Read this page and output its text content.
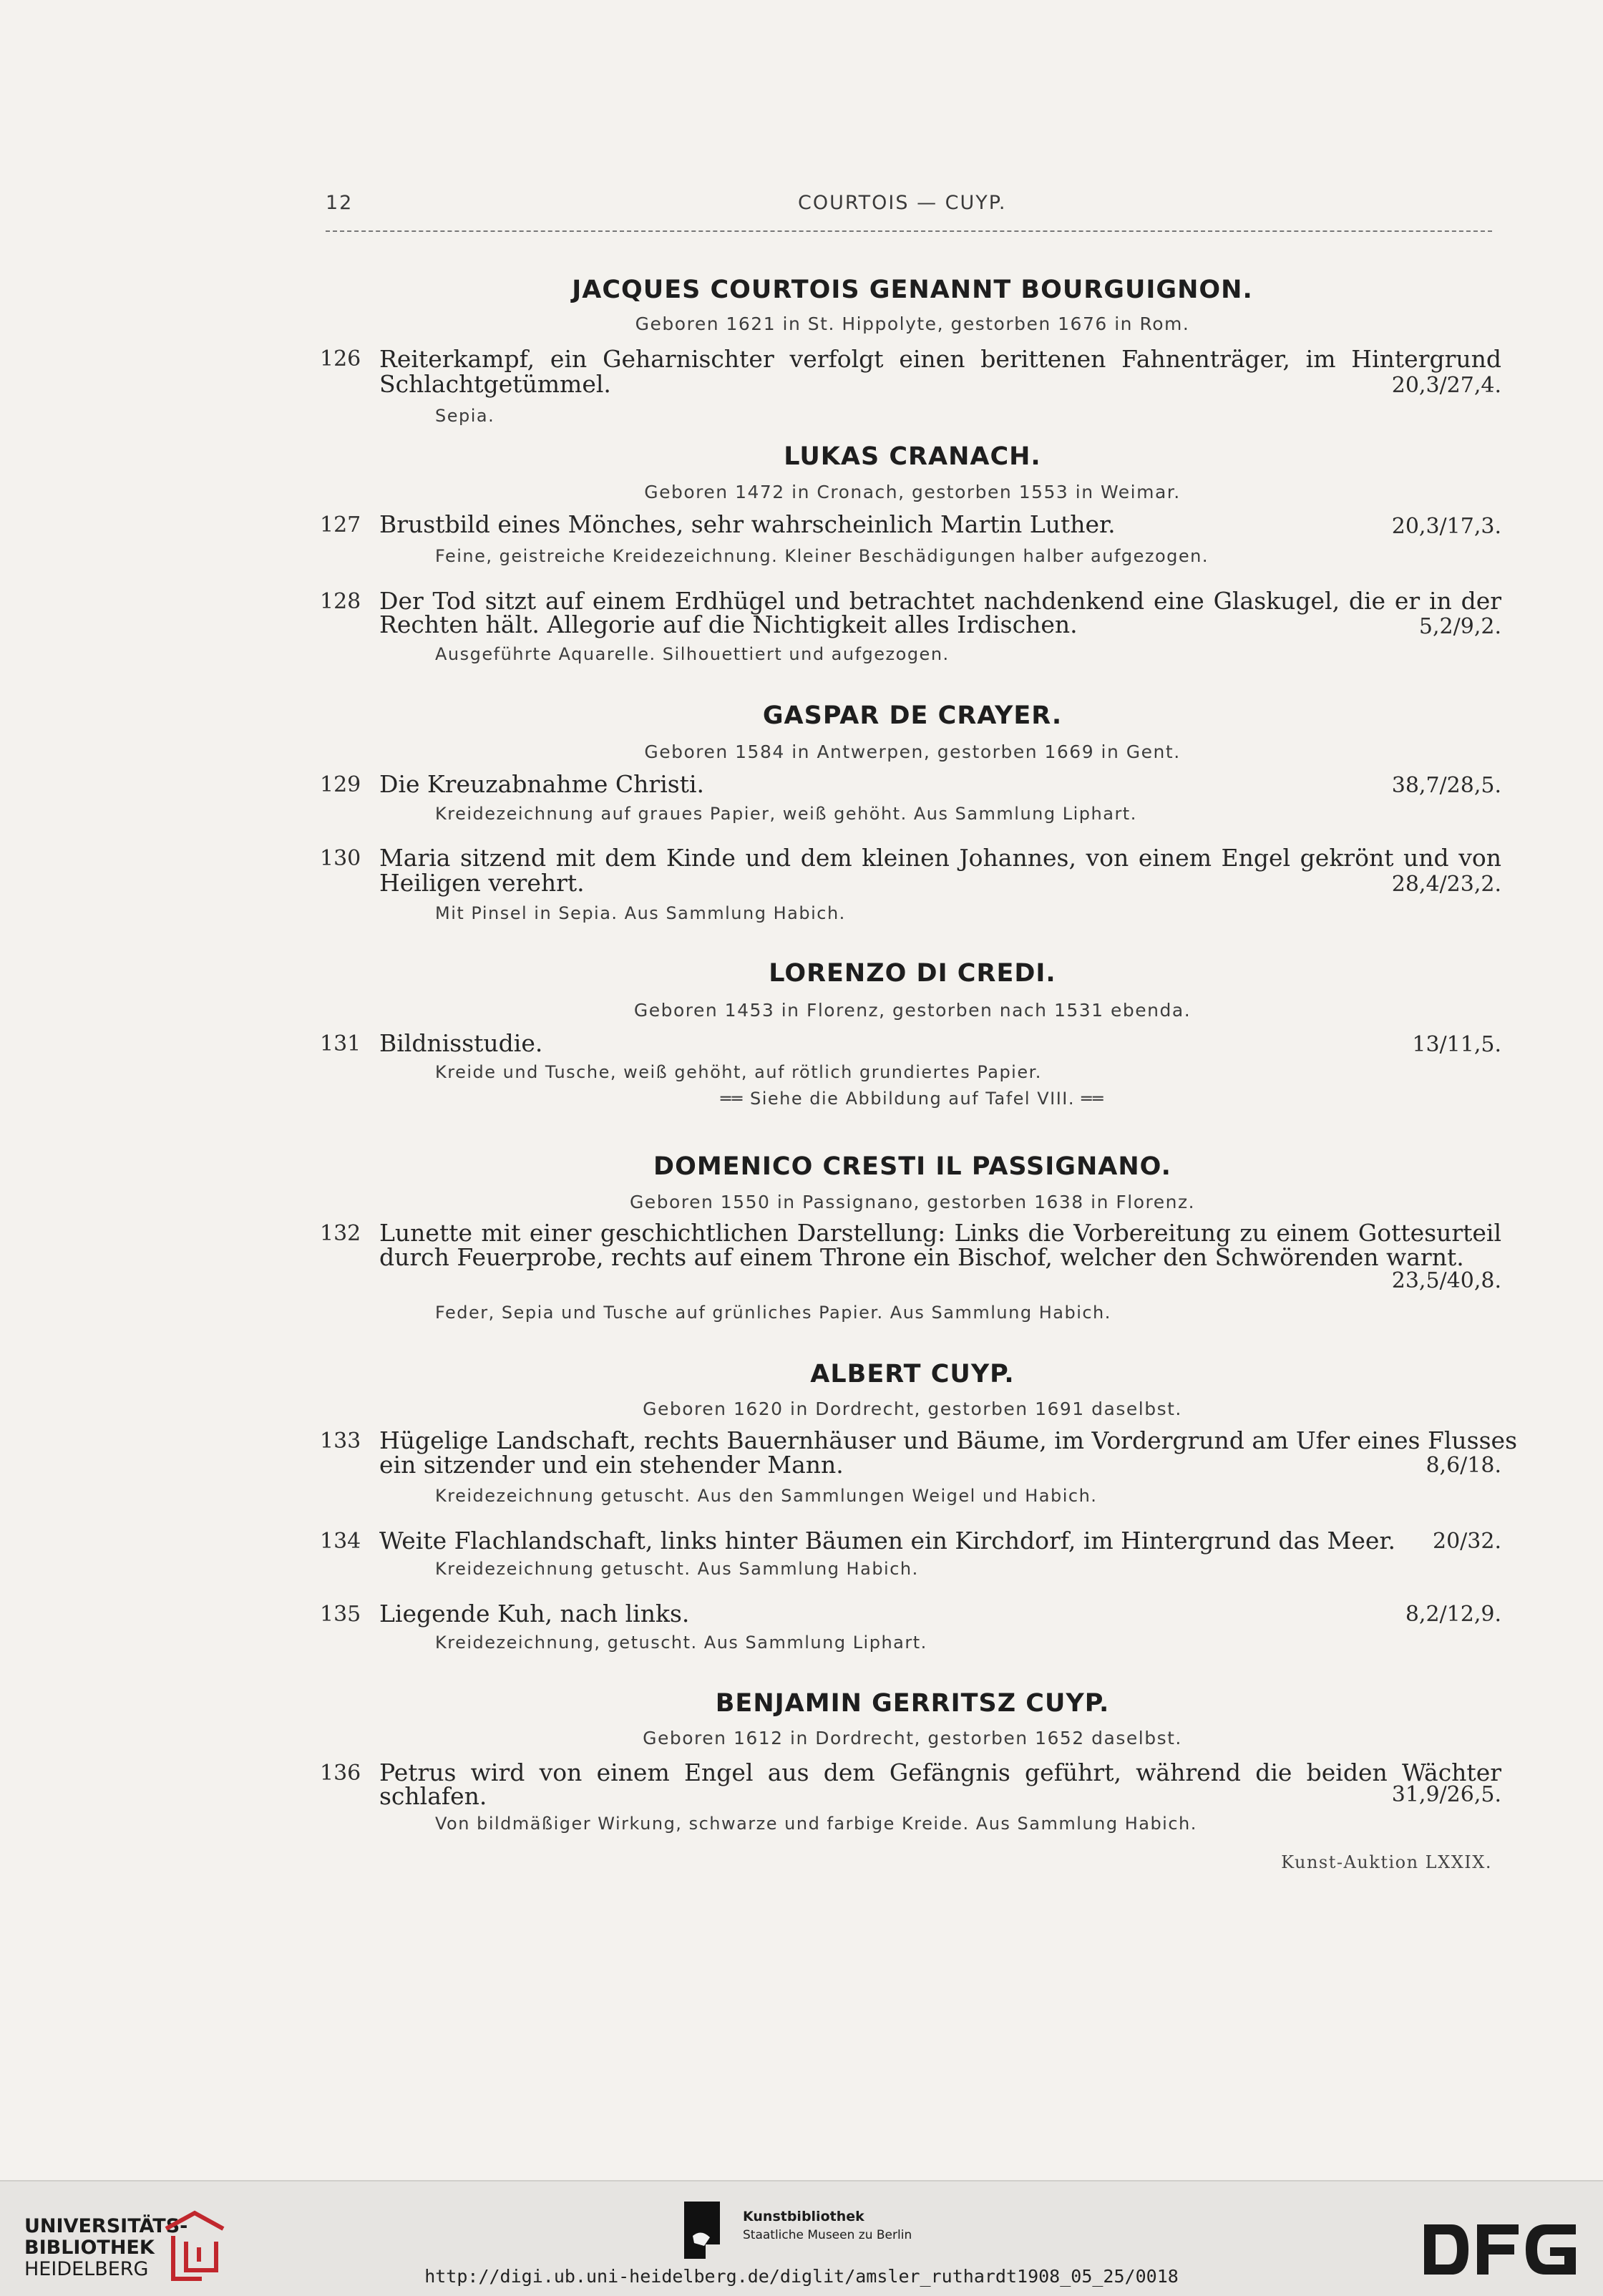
12	COURTOIS — CUYP.
JACQUES COURTOIS GENANNT BOURGUIGNON.
Geboren 1621 in St. Hippolyte, gestorben 1676 in Rom.
126 Reiterkampf, ein Geharnischter verfolgt einen berittenen Fahnenträger, im Hintergrund
Schlachtgetümmel.	20,3/27,4.
Sepia.
LUKAS CRANACH.
Geboren 1472 in Cronach, gestorben 1553 in Weimar.
127 Brustbild eines Mönches, sehr wahrscheinlich Martin Luther.	20,3/17,3.
Feine, geistreiche Kreidezeichnung. Kleiner Beschädigungen halber aufgezogen.
128 Der Tod sitzt auf einem Erdhügel und betrachtet nachdenkend eine Glaskugel, die er in der
Rechten hält. Allegorie auf die Nichtigkeit alles Irdischen.	5,2/9,2.
Ausgeführte Aquarelle. Silhouettiert und aufgezogen.
GASPAR DE CRAYER.
Geboren 1584 in Antwerpen, gestorben 1669 in Gent.
129 Die Kreuzabnahme Christi.	38,7/28,5.
Kreidezeichnung auf graues Papier, weiß gehöht. Aus Sammlung Liphart.
130 Maria sitzend mit dem Kinde und dem kleinen Johannes, von einem Engel gekrönt und von
Heiligen verehrt.	28,4/23,2.
Mit Pinsel in Sepia. Aus Sammlung Habich.
LORENZO DI CREDI.
Geboren 1453 in Florenz, gestorben nach 1531 ebenda.
131 Bildnisstudie.	13/11,5.
Kreide und Tusche, weiß gehöht, auf rötlich grundiertes Papier.
══ Siehe die Abbildung auf Tafel VIII. ══
DOMENICO CRESTI IL PASSIGNANO.
Geboren 1550 in Passignano, gestorben 1638 in Florenz.
132 Lunette mit einer geschichtlichen Darstellung: Links die Vorbereitung zu einem Gottesurteil
durch Feuerprobe, rechts auf einem Throne ein Bischof, welcher den Schwörenden warnt.
23,5/40,8.
Feder, Sepia und Tusche auf grünliches Papier. Aus Sammlung Habich.
ALBERT CUYP.
Geboren 1620 in Dordrecht, gestorben 1691 daselbst.
133 Hügelige Landschaft, rechts Bauernhäuser und Bäume, im Vordergrund am Ufer eines Flusses
ein sitzender und ein stehender Mann.	8,6/18.
Kreidezeichnung getuscht. Aus den Sammlungen Weigel und Habich.
134 Weite Flachlandschaft, links hinter Bäumen ein Kirchdorf, im Hintergrund das Meer. 20/32.
Kreidezeichnung getuscht. Aus Sammlung Habich.
135 Liegende Kuh, nach links.	8,2/12,9.
Kreidezeichnung, getuscht. Aus Sammlung Liphart.
BENJAMIN GERRITSZ CUYP.
Geboren 1612 in Dordrecht, gestorben 1652 daselbst.
136 Petrus wird von einem Engel aus dem Gefängnis geführt, während die beiden Wächter
schlafen.	31,9/26,5.
Von bildmäßiger Wirkung, schwarze und farbige Kreide. Aus Sammlung Habich.
Kunst-Auktion LXXIX.
UNIVERSITÄTS-
BIBLIOTHEK
HEIDELBERG
Kunstbibliothek
Staatliche Museen zu Berlin
http://digi.ub.uni-heidelberg.de/diglit/amsler_ruthardt1908_05_25/0018
